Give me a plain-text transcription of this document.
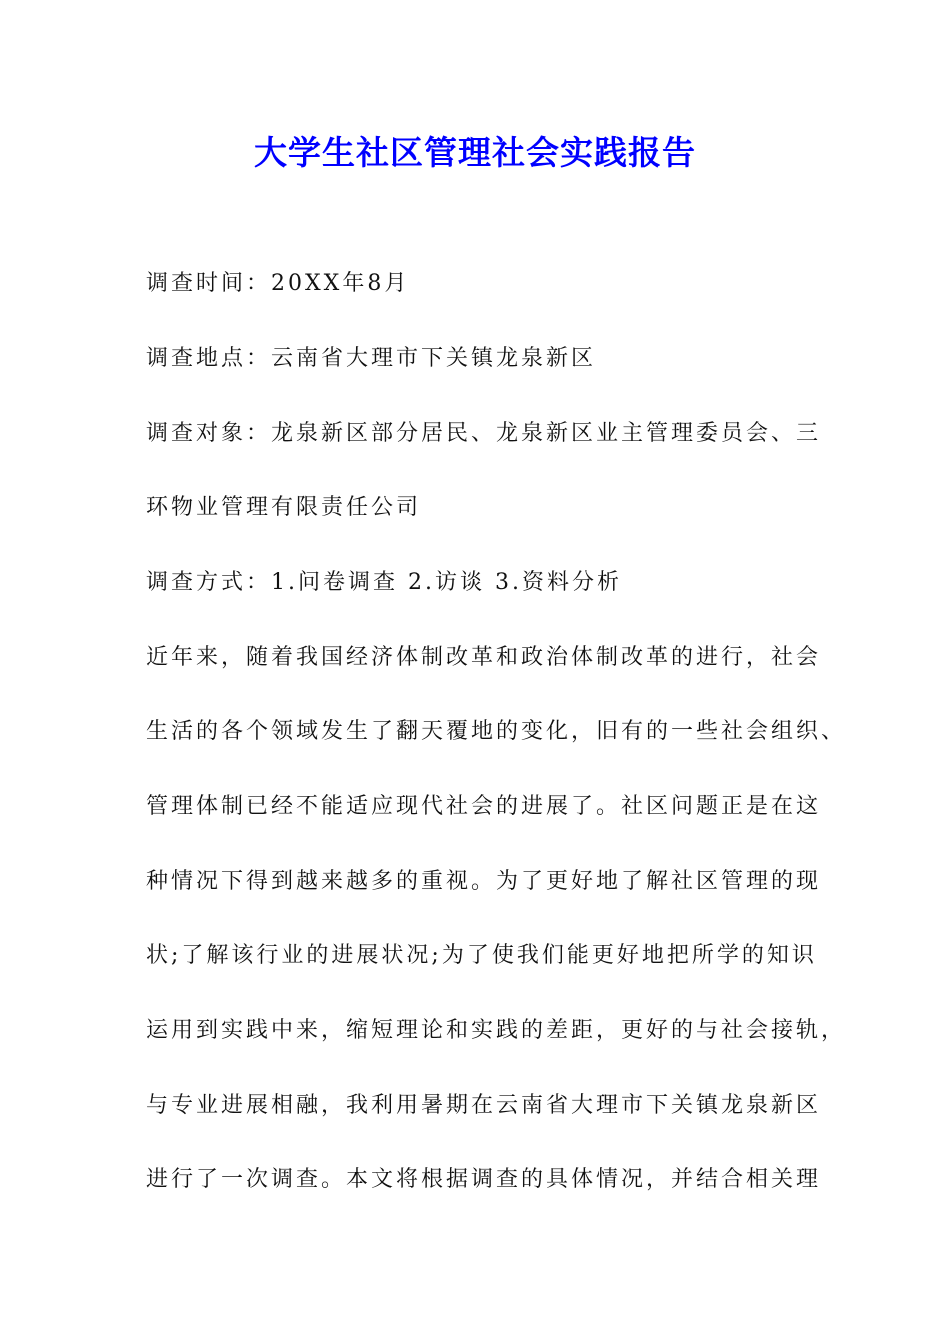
大学生社区管理社会实践报告
调查时间：20XX年8月
调查地点：云南省大理市下关镇龙泉新区
调查对象：龙泉新区部分居民、龙泉新区业主管理委员会、三
环物业管理有限责任公司
调查方式：1.问卷调查 2.访谈 3.资料分析
近年来，随着我国经济体制改革和政治体制改革的进行，社会
生活的各个领域发生了翻天覆地的变化，旧有的一些社会组织、
管理体制已经不能适应现代社会的进展了。社区问题正是在这
种情况下得到越来越多的重视。为了更好地了解社区管理的现
状;了解该行业的进展状况;为了使我们能更好地把所学的知识
运用到实践中来，缩短理论和实践的差距，更好的与社会接轨，
与专业进展相融，我利用暑期在云南省大理市下关镇龙泉新区
进行了一次调查。本文将根据调查的具体情况，并结合相关理
